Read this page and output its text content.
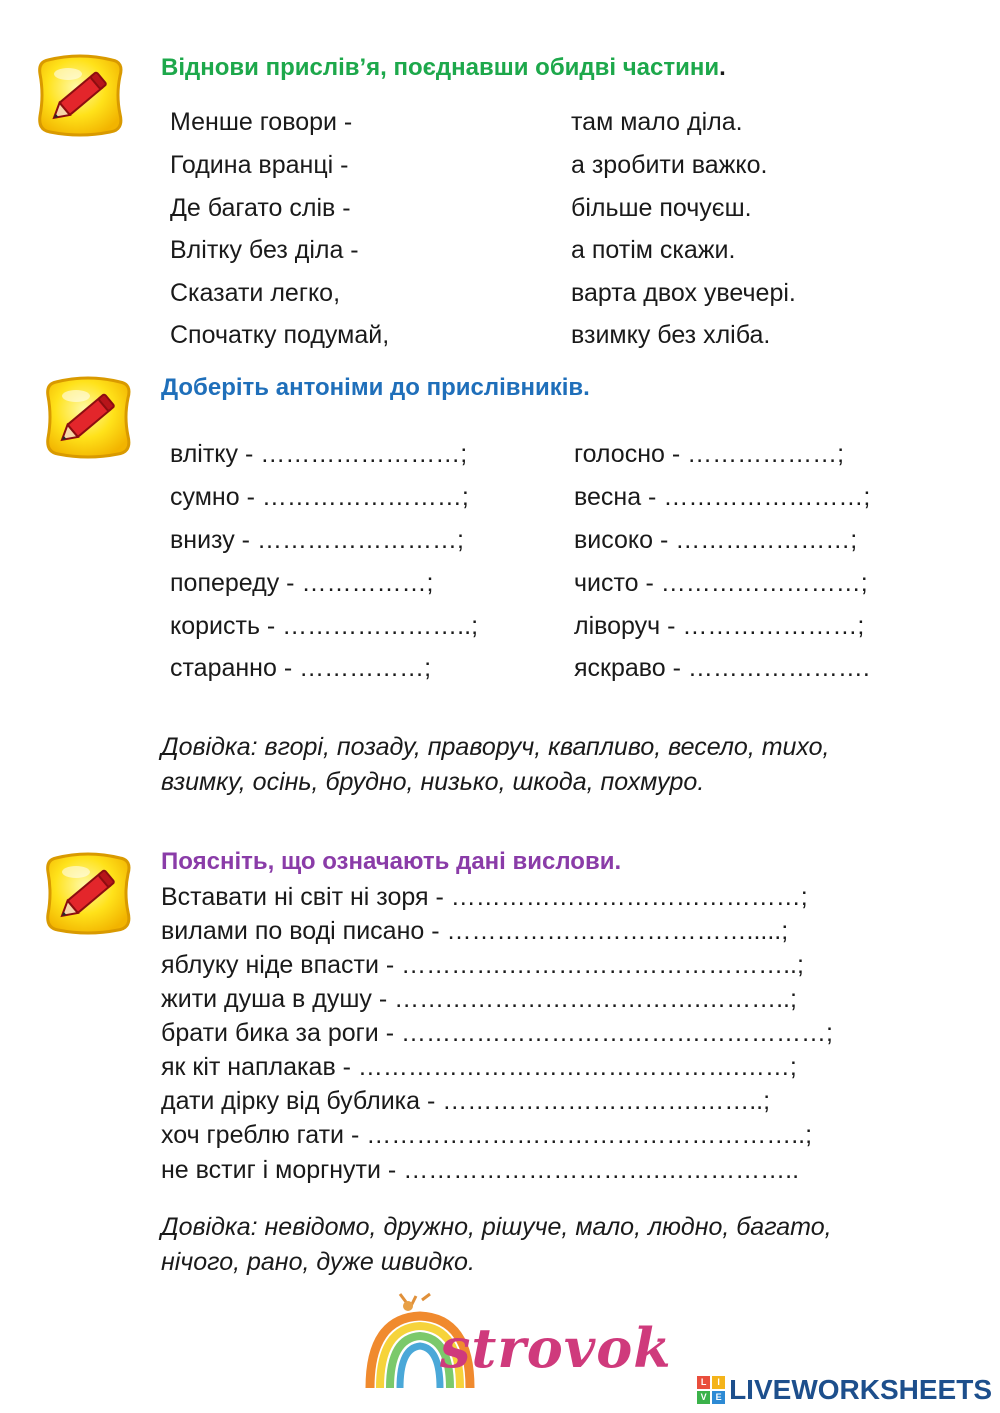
Віднови прислів’я, поєднавши обидві частини.
Менше говори -
Година вранці -
Де багато слів -
Влітку без діла -
Сказати легко,
Спочатку подумай,
там мало діла.
а зробити важко.
більше почуєш.
а потім скажи.
варта двох увечері.
взимку без хліба.
Доберіть антоніми до прислівників.
влітку - ……………………;
сумно - ……………………;
внизу - ……………………;
попереду - ……………;
користь - …………………..;
старанно - ……………;
голосно - ………………;
весна - ……………………;
високо - …………………;
чисто - ……………………;
ліворуч - …………………;
яскраво - ………………….
Довідка: вгорі, позаду, праворуч, квапливо, весело, тихо,
взимку, осінь, брудно, низько, шкода, похмуро.
Поясніть, що означають дані вислови.
Вставати ні світ ні зоря - ……………………………………;
вилами по воді писано - ……………………………….....;
яблуку ніде впасти - ………….……………………………..;
жити душа в душу - ……………………………….………..;
брати бика за роги - ……………………………………………;
як кіт наплакав - ……………………………………….……;
дати дірку від бублика - ………………………….……..;
хоч греблю гати - ……………………………………………..;
не встиг і моргнути - ………………………….……………..
Довідка: невідомо, дружно, рішуче, мало, людно, багато,
нічого, рано, дуже швидко.
strovok
L	I
V E LIVEWORKSHEETS
